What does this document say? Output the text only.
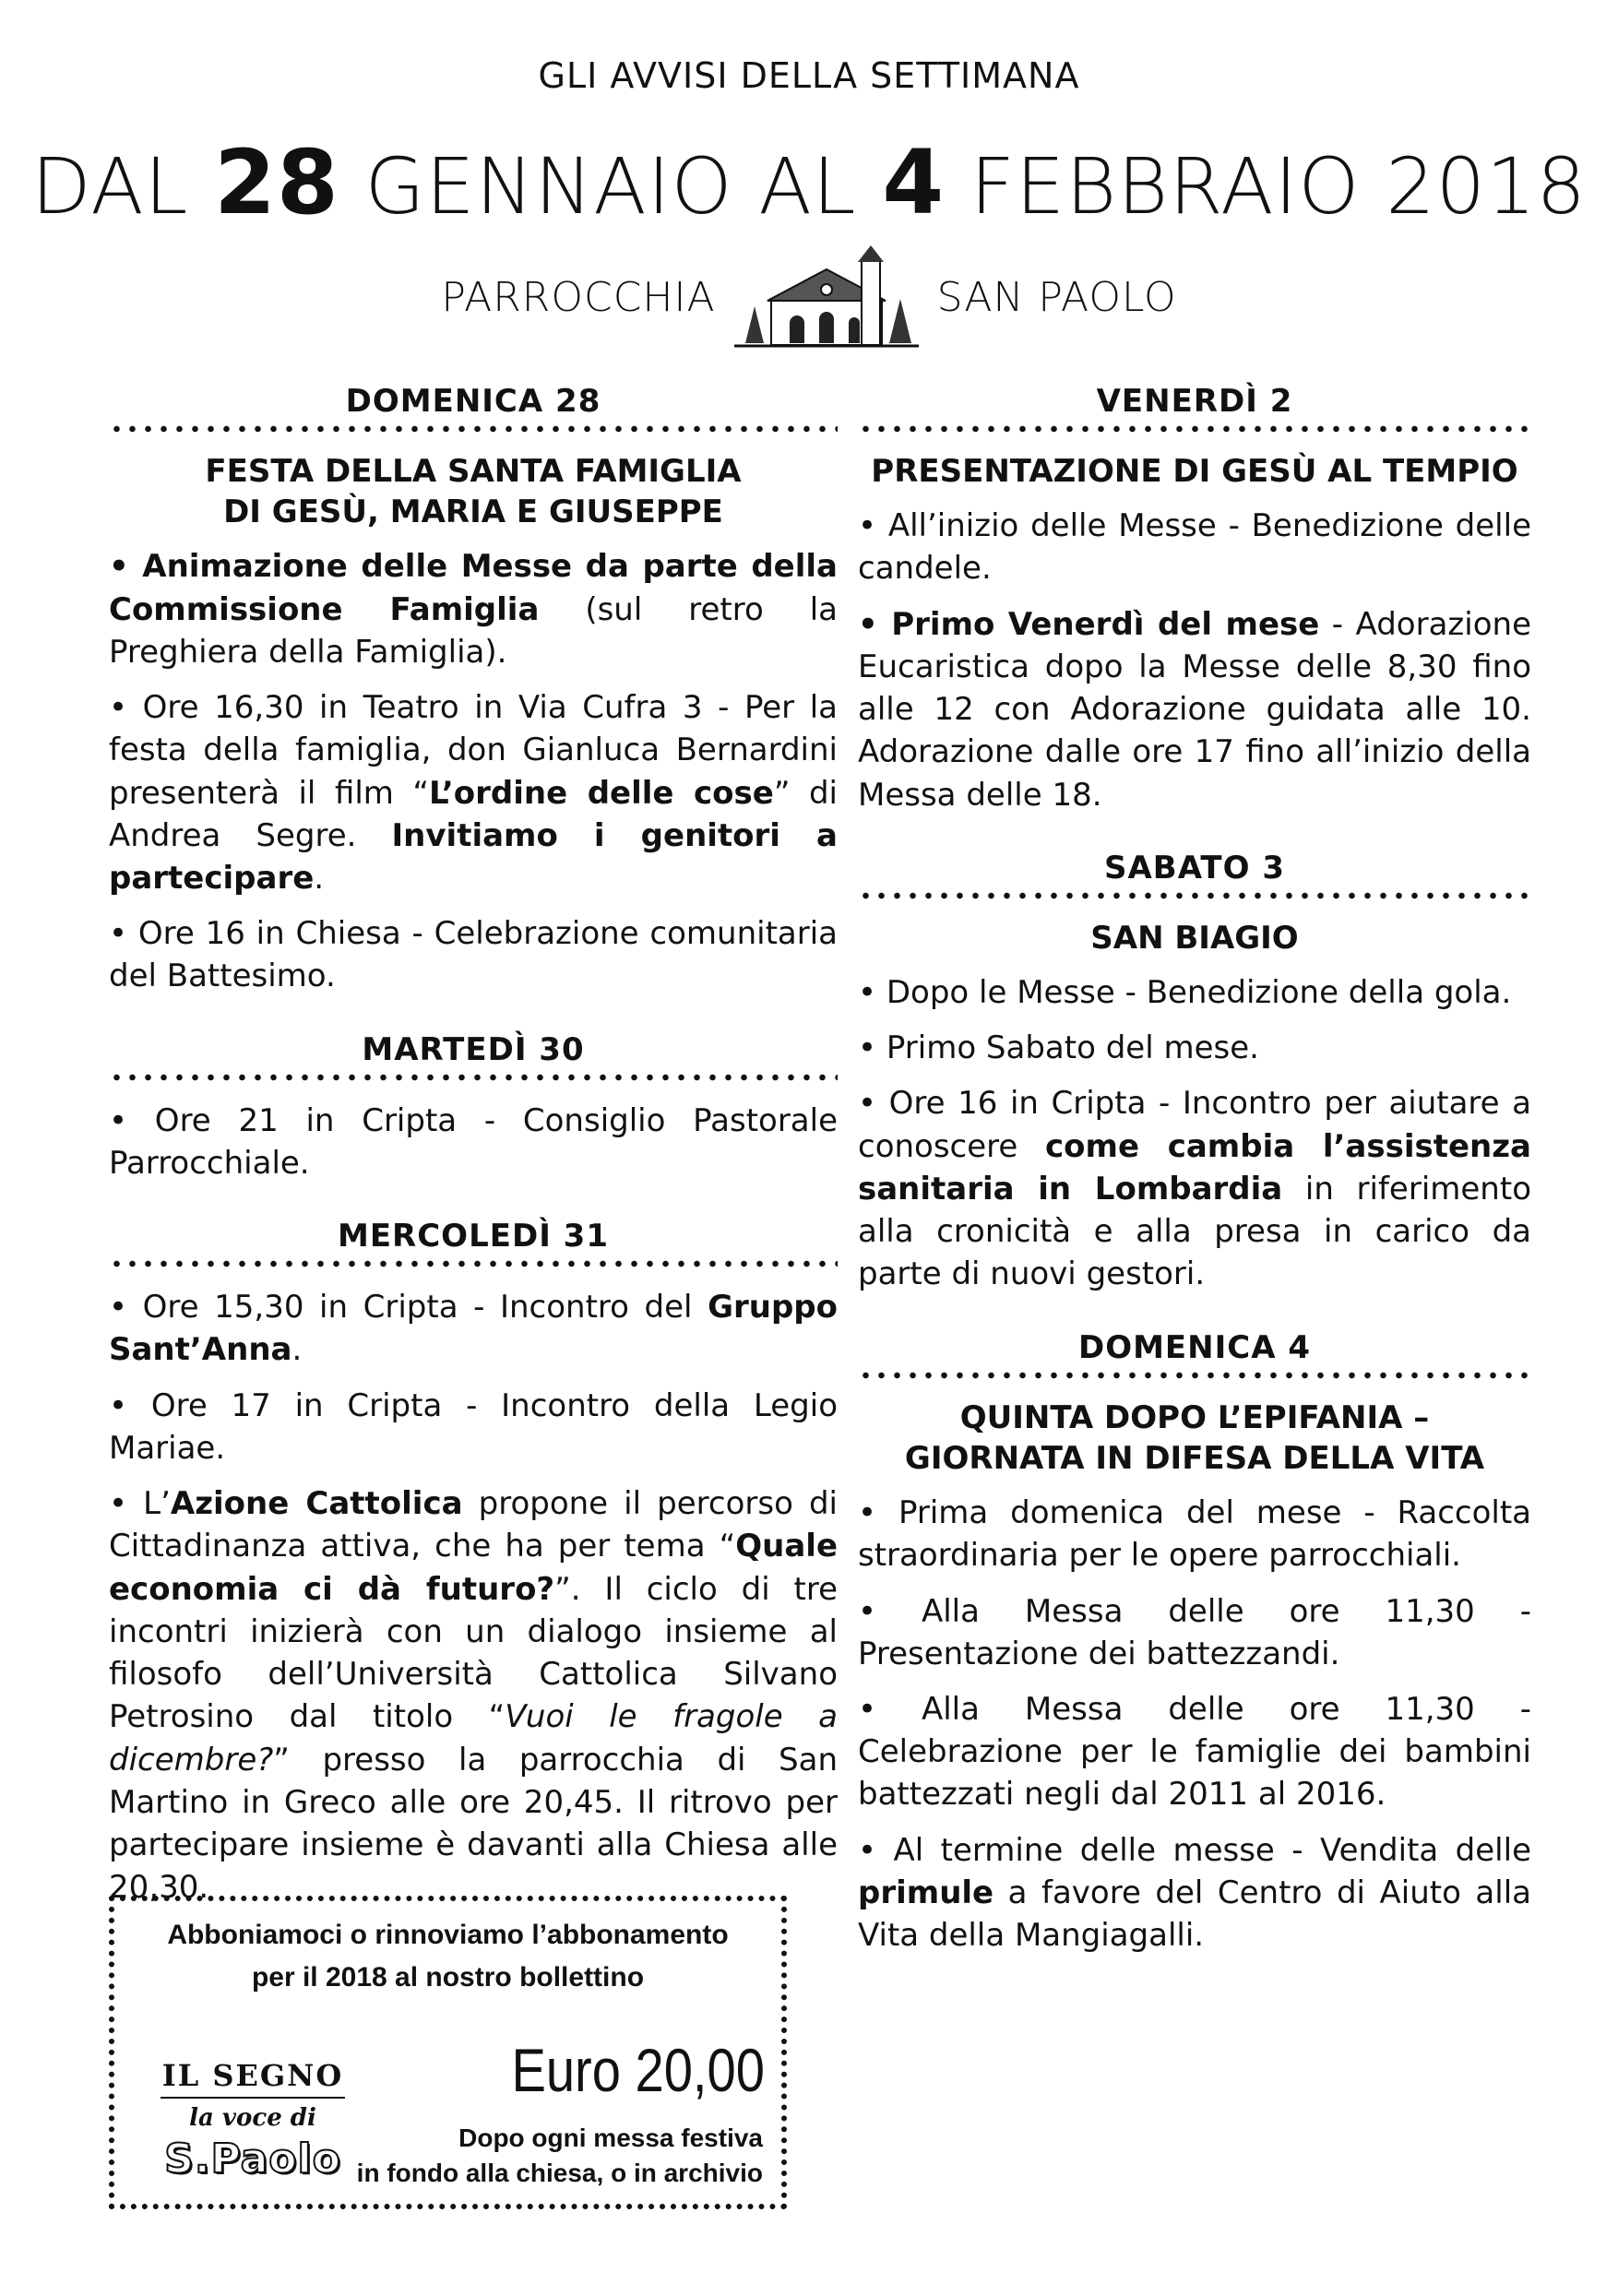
GLI AVVISI DELLA SETTIMANA
DAL 28 GENNAIO AL 4 FEBBRAIO 2018
PARROCCHIA	SAN PAOLO
DOMENICA 28
FESTA DELLA SANTA FAMIGLIA
DI GESÙ, MARIA E GIUSEPPE

• Animazione delle Messe da parte della Commissione Famiglia (sul retro la Preghiera della Famiglia).

• Ore 16,30 in Teatro in Via Cufra 3 - Per la festa della famiglia, don Gianluca Bernardini presenterà il film “L’ordine delle cose” di Andrea Segre. Invitiamo i genitori a partecipare.

• Ore 16 in Chiesa - Celebrazione comunitaria del Battesimo.

MARTEDÌ 30

• Ore 21 in Cripta - Consiglio Pastorale Parrocchiale.

MERCOLEDÌ 31

• Ore 15,30 in Cripta - Incontro del Gruppo Sant’Anna.

• Ore 17 in Cripta - Incontro della Legio Mariae.

• L’Azione Cattolica propone il percorso di Cittadinanza attiva, che ha per tema “Quale economia ci dà futuro?”. Il ciclo di tre incontri inizierà con un dialogo insieme al filosofo dell’Università Cattolica Silvano Petrosino dal titolo “Vuoi le fragole a dicembre?” presso la parrocchia di San Martino in Greco alle ore 20,45. Il ritrovo per partecipare insieme è davanti alla Chiesa alle 20,30.

VENERDÌ 2
PRESENTAZIONE DI GESÙ AL TEMPIO

• All’inizio delle Messe - Benedizione delle candele.

• Primo Venerdì del mese - Adorazione Eucaristica dopo la Messe delle 8,30 fino alle 12 con Adorazione guidata alle 10. Adorazione dalle ore 17 fino all’inizio della Messa delle 18.

SABATO 3
SAN BIAGIO

• Dopo le Messe - Benedizione della gola.

• Primo Sabato del mese.

• Ore 16 in Cripta - Incontro per aiutare a conoscere come cambia l’assistenza sanitaria in Lombardia in riferimento alla cronicità e alla presa in carico da parte di nuovi gestori.

DOMENICA 4
QUINTA DOPO L’EPIFANIA –
GIORNATA IN DIFESA DELLA VITA

• Prima domenica del mese - Raccolta straordinaria per le opere parrocchiali.

• Alla Messa delle ore 11,30 - Presentazione dei battezzandi.

• Alla Messa delle ore 11,30 - Celebrazione per le famiglie dei bambini battezzati negli dal 2011 al 2016.

• Al termine delle messe - Vendita delle primule a favore del Centro di Aiuto alla Vita della Mangiagalli.

Abboniamoci o rinnoviamo l’abbonamento
per il 2018 al nostro bollettino
IL SEGNO
la voce di
S.Paolo
Euro 20,00
Dopo ogni messa festiva
in fondo alla chiesa, o in archivio
